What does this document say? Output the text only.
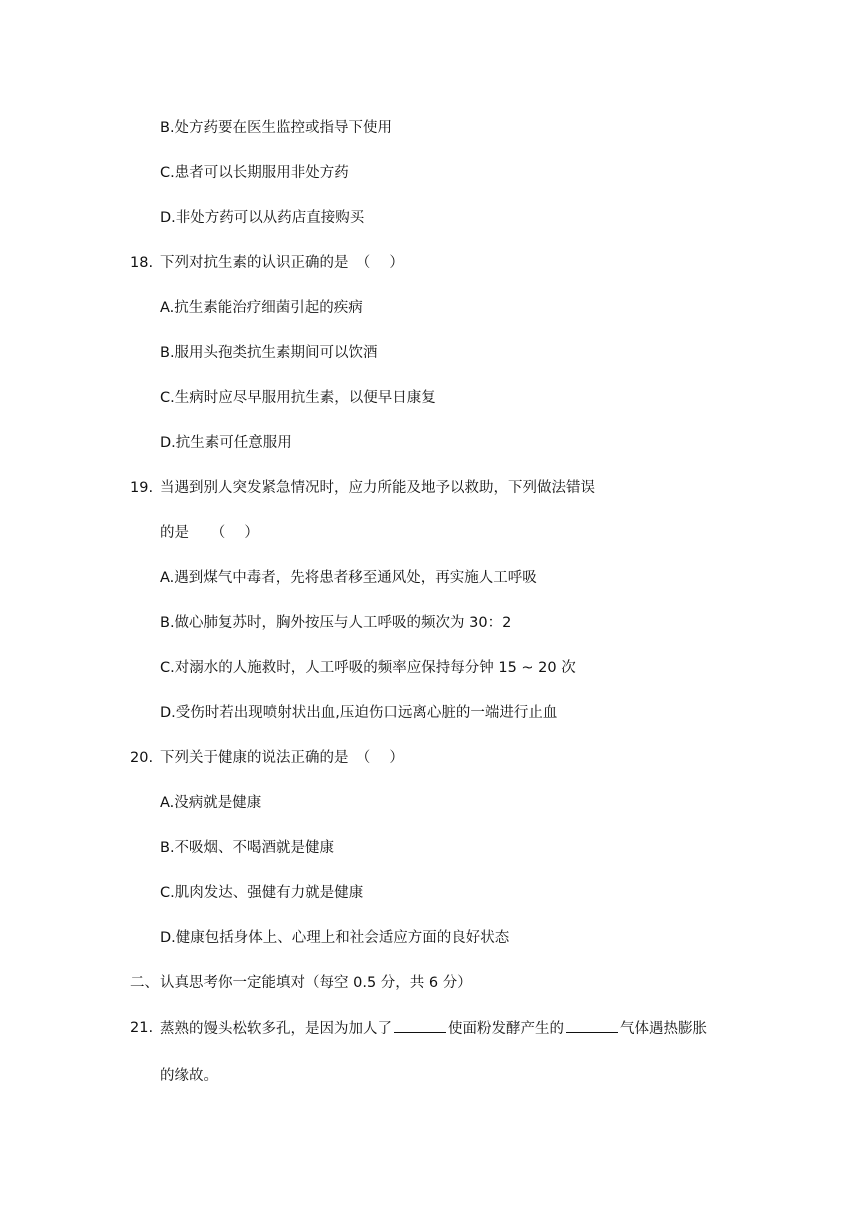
B.处方药要在医生监控或指导下使用
C.患者可以长期服用非处方药
D.非处方药可以从药店直接购买
18. 下列对抗生素的认识正确的是　（　 ）
A.抗生素能治疗细菌引起的疾病
B.服用头孢类抗生素期间可以饮酒
C.生病时应尽早服用抗生素，以便早日康复
D.抗生素可任意服用
19. 当遇到别人突发紧急情况时，应力所能及地予以救助，下列做法错误
的是　　（　 ）
A.遇到煤气中毒者，先将患者移至通风处，再实施人工呼吸
B.做心肺复苏时，胸外按压与人工呼吸的频次为 30：2
C.对溺水的人施救时，人工呼吸的频率应保持每分钟 15 ~ 20 次
D.受伤时若出现喷射状出血,压迫伤口远离心脏的一端进行止血
20. 下列关于健康的说法正确的是　（　 ）
A.没病就是健康
B.不吸烟、不喝酒就是健康
C.肌肉发达、强健有力就是健康
D.健康包括身体上、心理上和社会适应方面的良好状态
二、 认真思考你一定能填对（每空 0.5 分，共 6 分）
21. 蒸熟的馒头松软多孔，是因为加人了	使面粉发酵产生的	气体遇热膨胀
的缘故。
